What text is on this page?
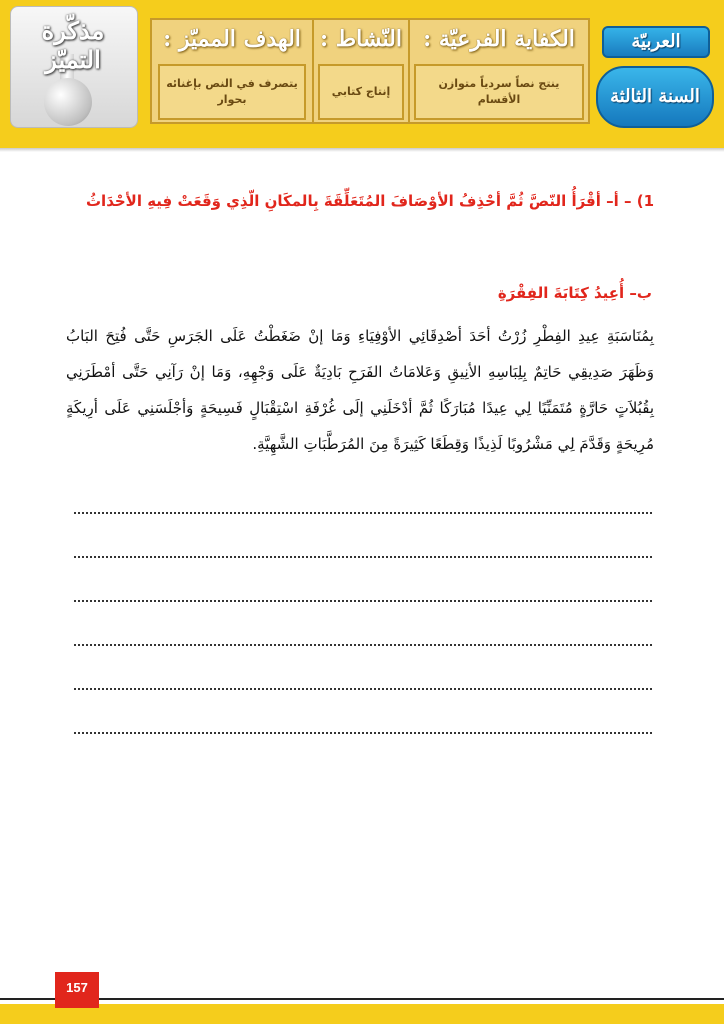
مذكّرة التميّز
الهدف المميّز : النّشاط : الكفاية الفرعيّة :
يتصرف في النص بإغنائه بحوار
إنتاج كتابي
ينتج نصاً سردياً متوازن الأقسام
العربيّة
السنة الثالثة
1) – أ– أقْرَأُ النّصَّ ثُمَّ أحْذِفُ الأوْصَافَ المُتَعَلِّقَةَ بِالمكَانِ الّذِي وَقَعَتْ فِيهِ الأحْدَاثُ
ب– أُعِيدُ كِتَابَةَ الفِقْرَةِ
بِمُنَاسَبَةِ عِيدِ الفِطْرِ زُرْتُ أحَدَ أصْدِقَائِي الأوْفِيَاءِ وَمَا إنْ ضَغَطْتُ عَلَى الجَرَسِ حَتَّى فُتِحَ البَابُ وَظَهَرَ صَدِيقِي حَاتِمٌ بِلِبَاسِهِ الأنِيقِ وَعَلامَاتُ الفَرَحِ بَادِيَةٌ عَلَى وَجْهِهِ، وَمَا إنْ رَآنِي حَتَّى أمْطَرَنِي بِقُبُلاَتٍ حَارَّةٍ مُتَمَنِّيًا لِي عِيدًا مُبَارَكًا ثُمَّ أدْخَلَنِي إلَى غُرْفَةِ اسْتِقْبَالٍ فَسِيحَةٍ وَأجْلَسَنِي عَلَى أرِيكَةٍ مُرِيحَةٍ وَقَدَّمَ لِي مَشْرُوبًا لَذِيذًا وَقِطَعًا كَثِيرَةً مِنَ المُرَطَّبَاتِ الشَّهِيَّةِ.
157
